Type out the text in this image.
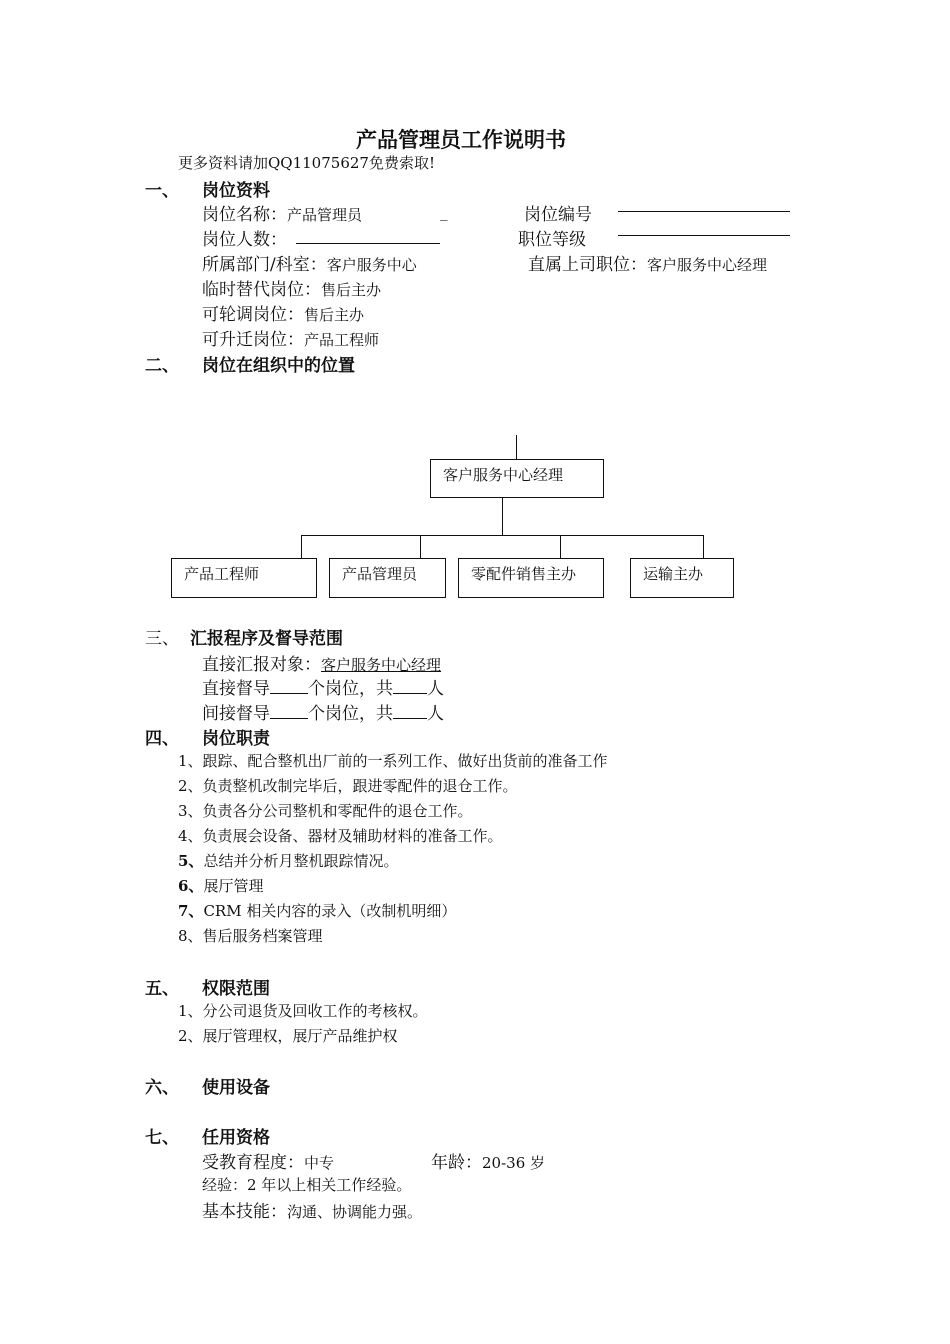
产品管理员工作说明书
更多资料请加QQ11075627免费索取!
一、 岗位资料
岗位名称：产品管理员	_	岗位编号
岗位人数：	职位等级
所属部门/科室：客户服务中心	直属上司职位：客户服务中心经理
临时替代岗位：售后主办
可轮调岗位：售后主办
可升迁岗位：产品工程师
二、 岗位在组织中的位置
客户服务中心经理
产品工程师	产品管理员	零配件销售主办	运输主办
三、 汇报程序及督导范围
直接汇报对象：客户服务中心经理
直接督导 个岗位，共 人
间接督导 个岗位，共 人
四、 岗位职责
1、跟踪、配合整机出厂前的一系列工作、做好出货前的准备工作
2、负责整机改制完毕后，跟进零配件的退仓工作。
3、负责各分公司整机和零配件的退仓工作。
4、负责展会设备、器材及辅助材料的准备工作。
5、总结并分析月整机跟踪情况。
6、展厅管理
7、CRM 相关内容的录入（改制机明细）
8、售后服务档案管理
五、 权限范围
1、分公司退货及回收工作的考核权。
2、展厅管理权，展厅产品维护权
六、 使用设备
七、 任用资格
受教育程度：中专	年龄：20-36 岁
经验：2 年以上相关工作经验。
基本技能：沟通、协调能力强。
